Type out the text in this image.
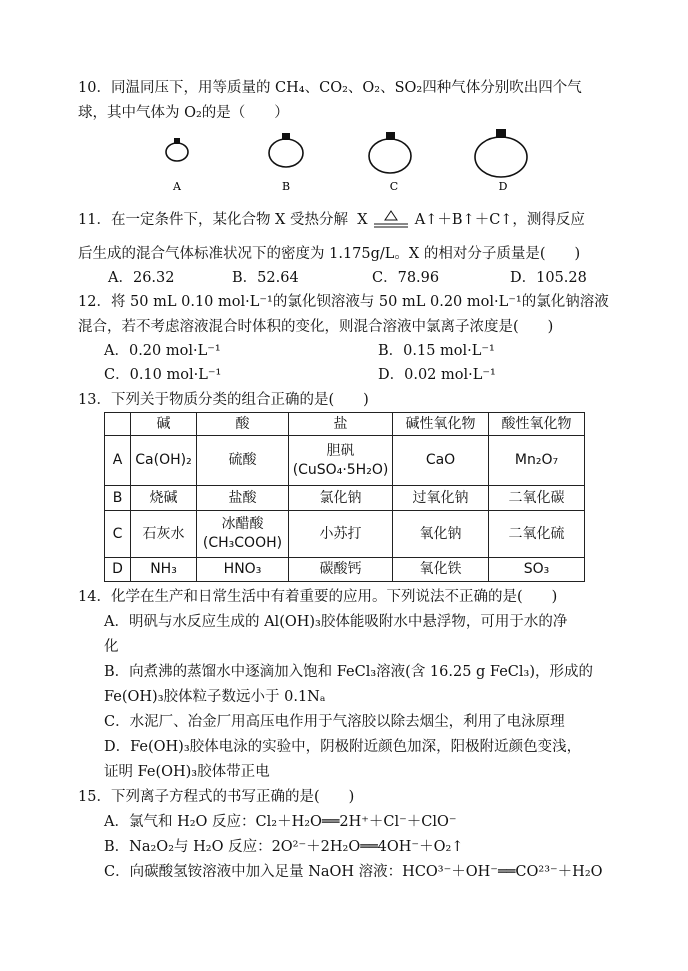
10．同温同压下，用等质量的 CH₄、CO₂、O₂、SO₂四种气体分别吹出四个气
球，其中气体为 O₂的是（　　）
A	B	C	D
11．在一定条件下，某化合物 X 受热分解 X	A↑＋B↑＋C↑，测得反应
后生成的混合气体标准状况下的密度为 1.175g/L。X 的相对分子质量是(　　)
A．26.32	B．52.64	C．78.96	D．105.28
12．将 50 mL 0.10 mol·L⁻¹的氯化钡溶液与 50 mL 0.20 mol·L⁻¹的氯化钠溶液
混合，若不考虑溶液混合时体积的变化，则混合溶液中氯离子浓度是(　　)
A．0.20 mol·L⁻¹	B．0.15 mol·L⁻¹
C．0.10 mol·L⁻¹	D．0.02 mol·L⁻¹
13．下列关于物质分类的组合正确的是(　　)
	碱	酸	盐	碱性氧化物	酸性氧化物
A	Ca(OH)₂	硫酸	胆矾
(CuSO₄·5H₂O)	CaO	Mn₂O₇
B	烧碱	盐酸	氯化钠	过氧化钠	二氧化碳
C	石灰水	冰醋酸
(CH₃COOH)	小苏打	氧化钠	二氧化硫
D	NH₃	HNO₃	碳酸钙	氧化铁	SO₃
14．化学在生产和日常生活中有着重要的应用。下列说法不正确的是(　　)
A．明矾与水反应生成的 Al(OH)₃胶体能吸附水中悬浮物，可用于水的净
化
B．向煮沸的蒸馏水中逐滴加入饱和 FeCl₃溶液(含 16.25 g FeCl₃)，形成的
Fe(OH)₃胶体粒子数远小于 0.1Nₐ
C．水泥厂、冶金厂用高压电作用于气溶胶以除去烟尘，利用了电泳原理
D．Fe(OH)₃胶体电泳的实验中，阴极附近颜色加深，阳极附近颜色变浅，
证明 Fe(OH)₃胶体带正电
15．下列离子方程式的书写正确的是(　　)
A．氯气和 H₂O 反应：Cl₂＋H₂O══2H⁺＋Cl⁻＋ClO⁻
B．Na₂O₂与 H₂O 反应：2O²⁻＋2H₂O══4OH⁻＋O₂↑
C．向碳酸氢铵溶液中加入足量 NaOH 溶液：HCO³⁻＋OH⁻══CO²³⁻＋H₂O
